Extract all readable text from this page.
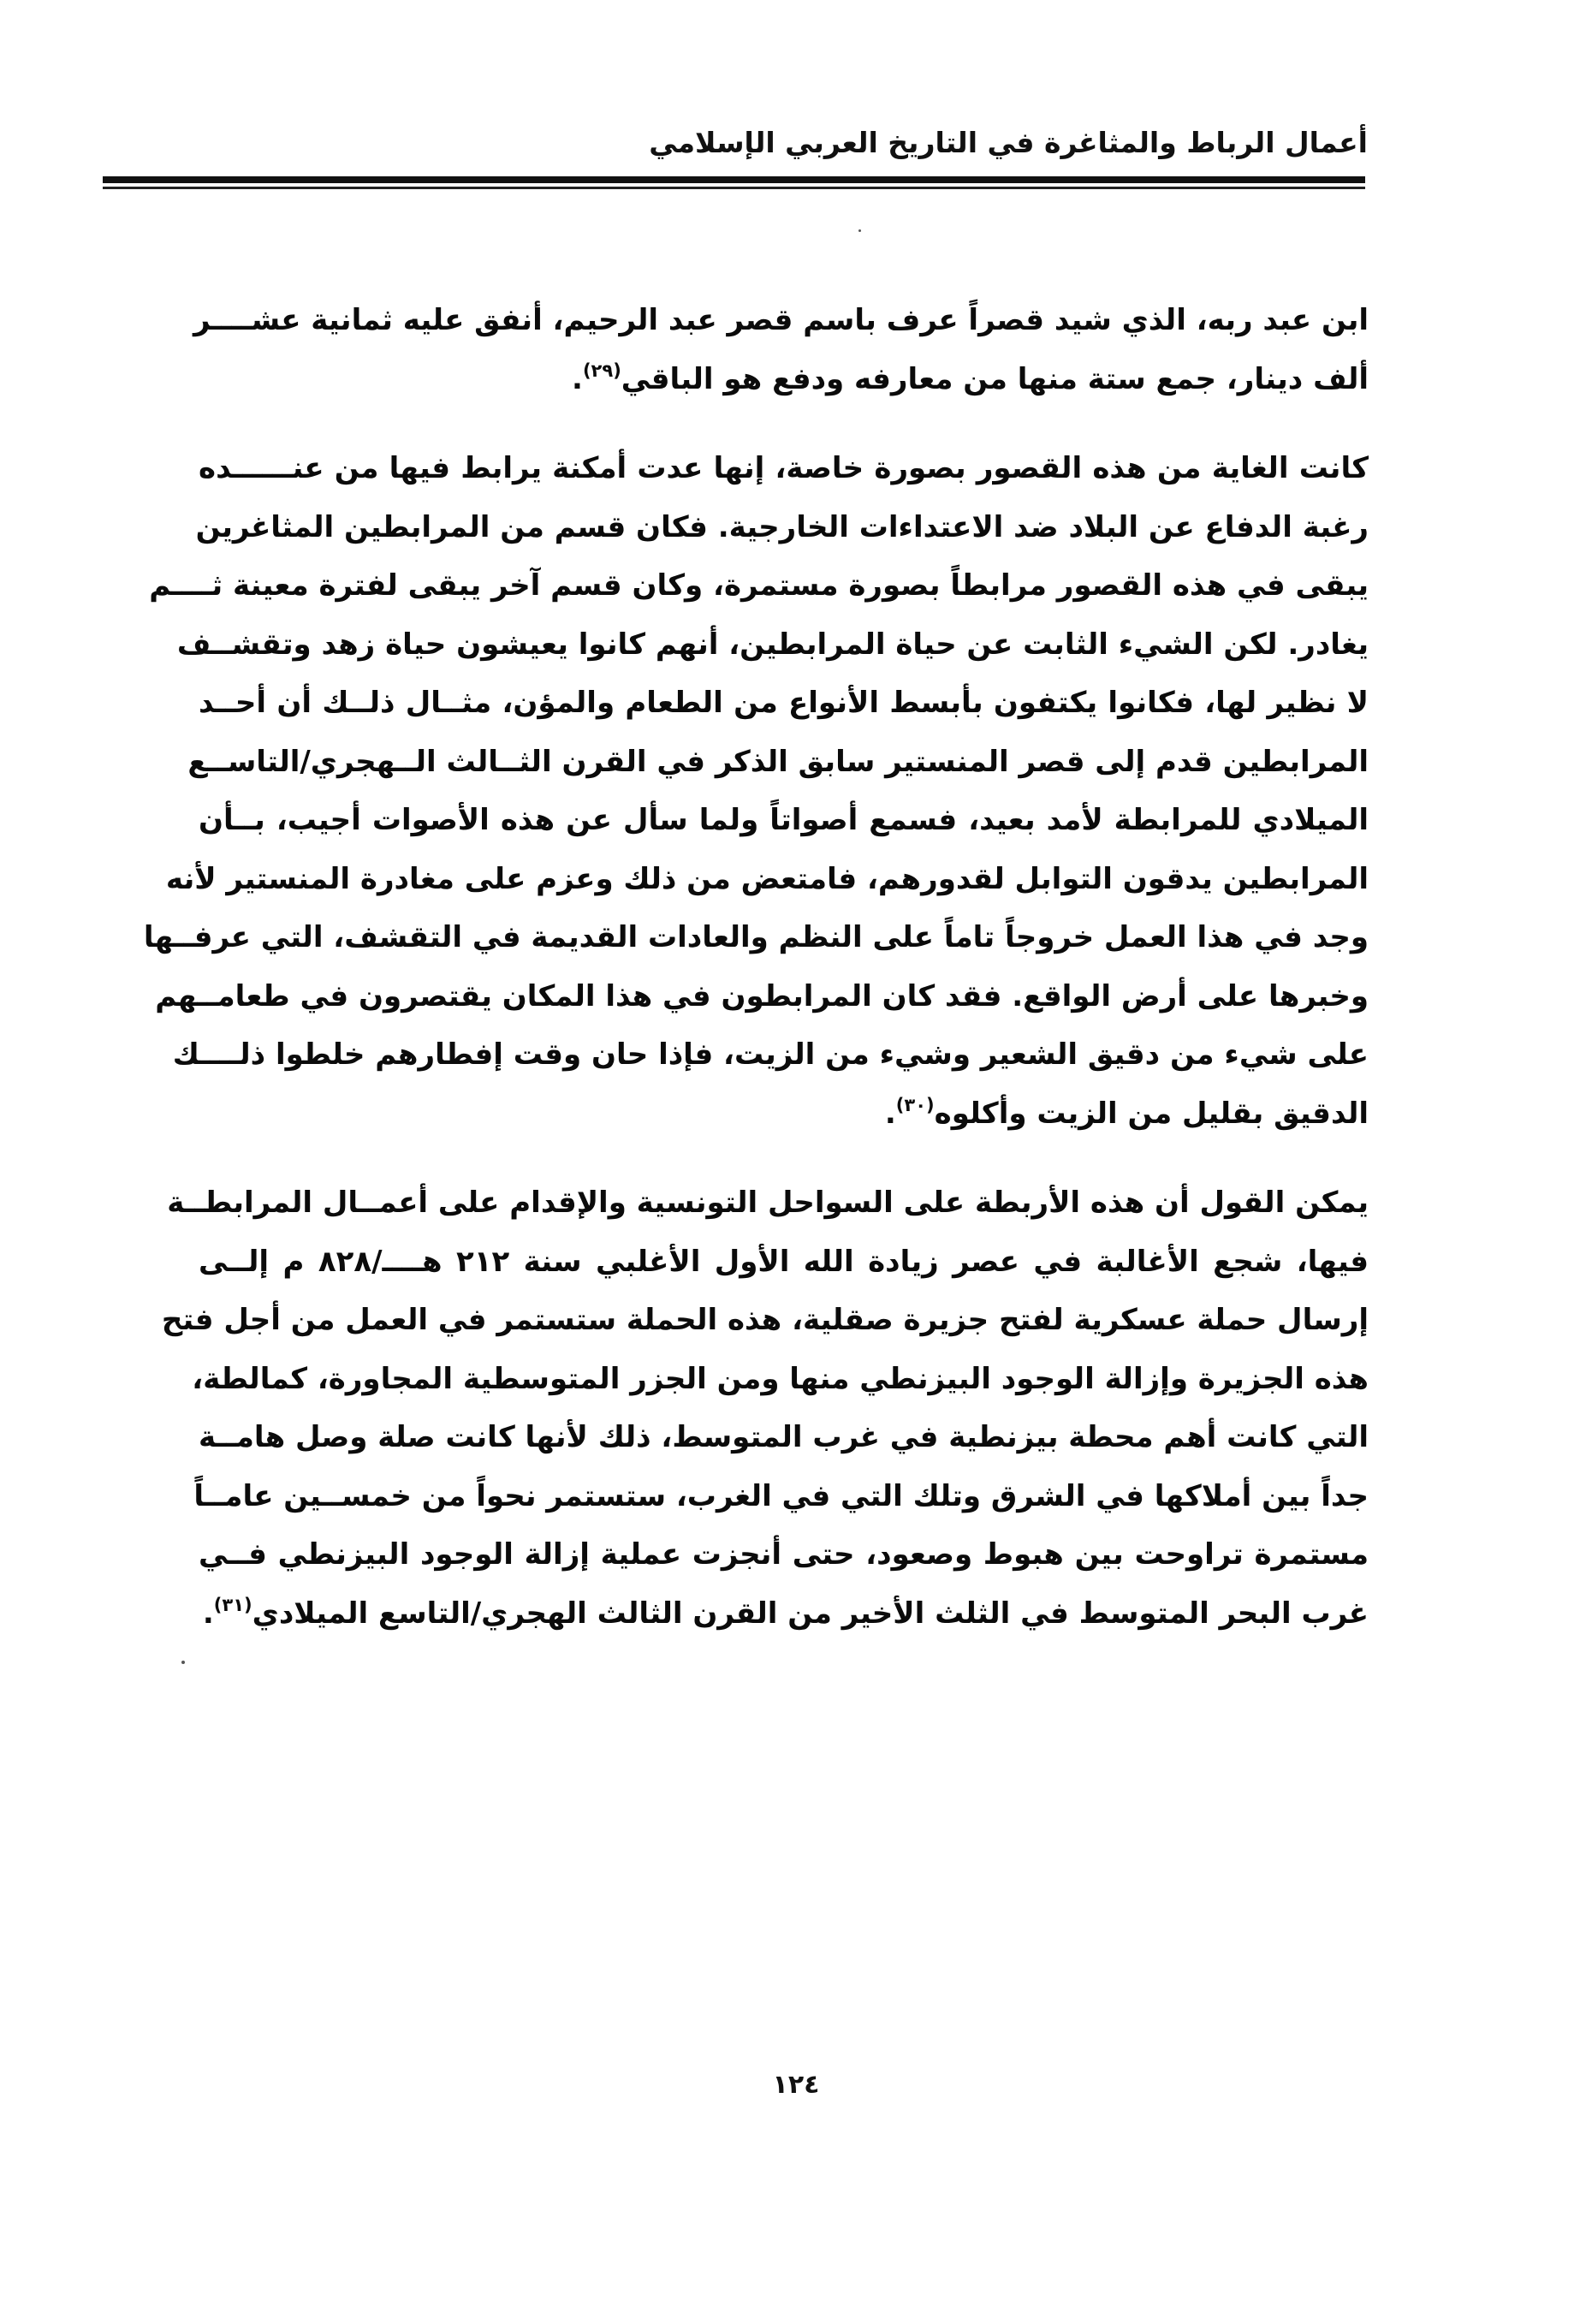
أعمال الرباط والمثاغرة في التاريخ العربي الإسلامي
ابن عبد ربه، الذي شيد قصراً عرف باسم قصر عبد الرحيم، أنفق عليه ثمانية عشــــر
ألف دينار، جمع ستة منها من معارفه ودفع هو الباقي$^{(٢٩)}$.
كانت الغاية من هذه القصور بصورة خاصة، إنها عدت أمكنة يرابط فيها من عنــــــده
رغبة الدفاع عن البلاد ضد الاعتداءات الخارجية. فكان قسم من المرابطين المثاغرين
يبقى في هذه القصور مرابطاً بصورة مستمرة، وكان قسم آخر يبقى لفترة معينة ثــــم
يغادر. لكن الشيء الثابت عن حياة المرابطين، أنهم كانوا يعيشون حياة زهد وتقشــف
لا نظير لها، فكانوا يكتفون بأبسط الأنواع من الطعام والمؤن، مثــال ذلــك أن أحــد
المرابطين قدم إلى قصر المنستير سابق الذكر في القرن الثــالث الــهجري/التاســع
الميلادي للمرابطة لأمد بعيد، فسمع أصواتاً ولما سأل عن هذه الأصوات أجيب، بــأن
المرابطين يدقون التوابل لقدورهم، فامتعض من ذلك وعزم على مغادرة المنستير لأنه
وجد في هذا العمل خروجاً تاماً على النظم والعادات القديمة في التقشف، التي عرفــها
وخبرها على أرض الواقع. فقد كان المرابطون في هذا المكان يقتصرون في طعامــهم
على شيء من دقيق الشعير وشيء من الزيت، فإذا حان وقت إفطارهم خلطوا ذلــــك
الدقيق بقليل من الزيت وأكلوه$^{(٣٠)}$.
يمكن القول أن هذه الأربطة على السواحل التونسية والإقدام على أعمــال المرابطــة
فيها، شجع الأغالبة في عصر زيادة الله الأول الأغلبي سنة ٢١٢ هــــ/٨٢٨ م إلــى
إرسال حملة عسكرية لفتح جزيرة صقلية، هذه الحملة ستستمر في العمل من أجل فتح
هذه الجزيرة وإزالة الوجود البيزنطي منها ومن الجزر المتوسطية المجاورة، كمالطة،
التي كانت أهم محطة بيزنطية في غرب المتوسط، ذلك لأنها كانت صلة وصل هامــة
جداً بين أملاكها في الشرق وتلك التي في الغرب، ستستمر نحواً من خمســين عامــاً
مستمرة تراوحت بين هبوط وصعود، حتى أنجزت عملية إزالة الوجود البيزنطي فــي
غرب البحر المتوسط في الثلث الأخير من القرن الثالث الهجري/التاسع الميلادي$^{(٣١)}$.
١٢٤
